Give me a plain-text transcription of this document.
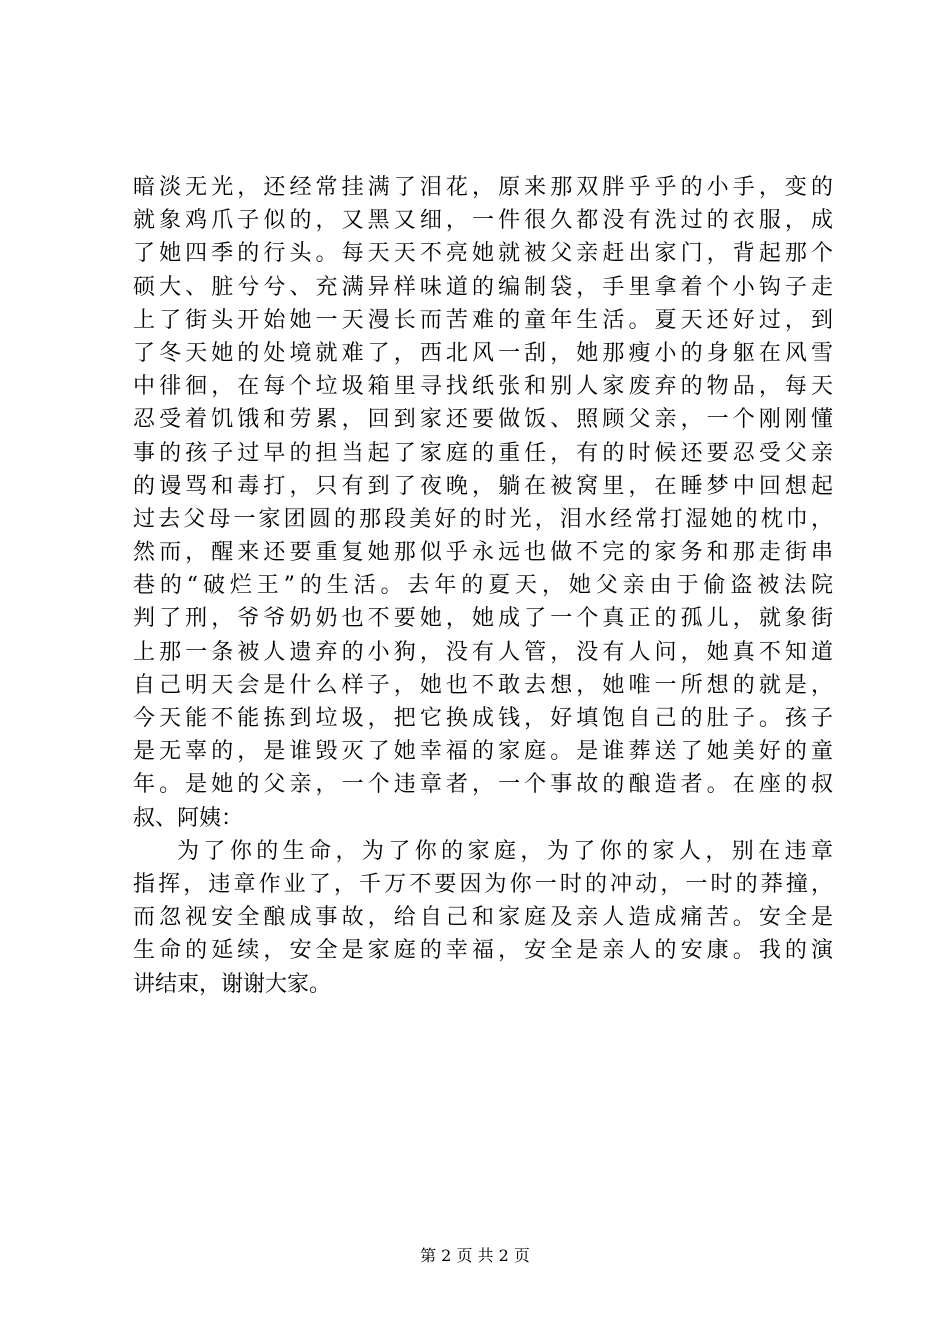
暗淡无光，还经常挂满了泪花，原来那双胖乎乎的小手，变的
就象鸡爪子似的，又黑又细，一件很久都没有洗过的衣服，成
了她四季的行头。每天天不亮她就被父亲赶出家门，背起那个
硕大、脏兮兮、充满异样味道的编制袋，手里拿着个小钩子走
上了街头开始她一天漫长而苦难的童年生活。夏天还好过，到
了冬天她的处境就难了，西北风一刮，她那瘦小的身躯在风雪
中徘徊，在每个垃圾箱里寻找纸张和别人家废弃的物品，每天
忍受着饥饿和劳累，回到家还要做饭、照顾父亲，一个刚刚懂
事的孩子过早的担当起了家庭的重任，有的时候还要忍受父亲
的谩骂和毒打，只有到了夜晚，躺在被窝里，在睡梦中回想起
过去父母一家团圆的那段美好的时光，泪水经常打湿她的枕巾，
然而，醒来还要重复她那似乎永远也做不完的家务和那走街串
巷的“破烂王”的生活。去年的夏天，她父亲由于偷盗被法院
判了刑，爷爷奶奶也不要她，她成了一个真正的孤儿，就象街
上那一条被人遗弃的小狗，没有人管，没有人问，她真不知道
自己明天会是什么样子，她也不敢去想，她唯一所想的就是，
今天能不能拣到垃圾，把它换成钱，好填饱自己的肚子。孩子
是无辜的，是谁毁灭了她幸福的家庭。是谁葬送了她美好的童
年。是她的父亲，一个违章者，一个事故的酿造者。在座的叔
叔、阿姨：
为了你的生命，为了你的家庭，为了你的家人，别在违章
指挥，违章作业了，千万不要因为你一时的冲动，一时的莽撞，
而忽视安全酿成事故，给自己和家庭及亲人造成痛苦。安全是
生命的延续，安全是家庭的幸福，安全是亲人的安康。我的演
讲结束，谢谢大家。
第 2 页 共 2 页
